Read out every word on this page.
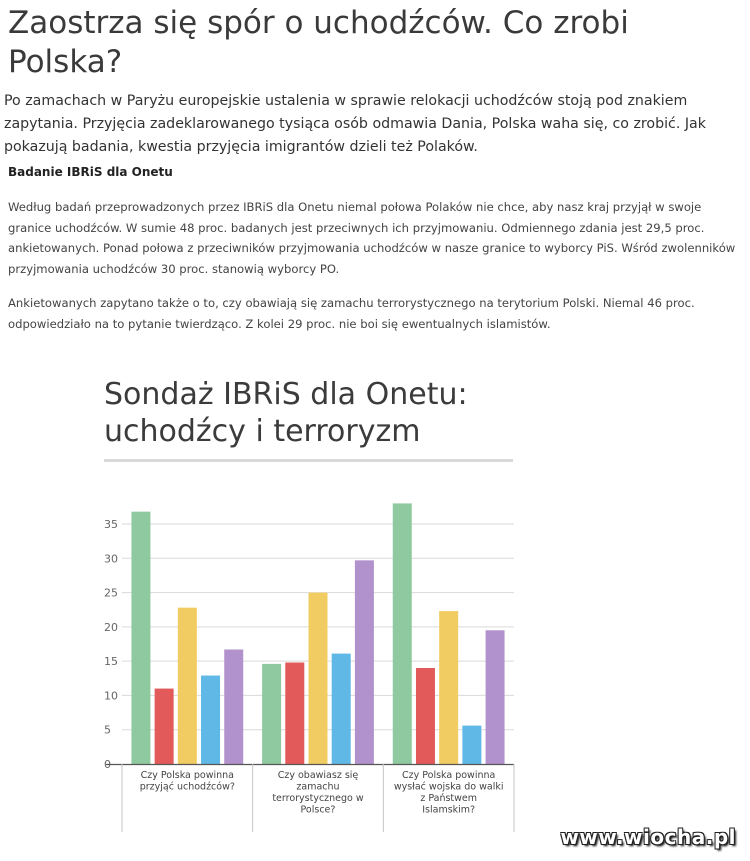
Zaostrza się spór o uchodźców. Co zrobi Polska?

Po zamachach w Paryżu europejskie ustalenia w sprawie relokacji uchodźców stoją pod znakiem zapytania. Przyjęcia zadeklarowanego tysiąca osób odmawia Dania, Polska waha się, co zrobić. Jak pokazują badania, kwestia przyjęcia imigrantów dzieli też Polaków.

Badanie IBRiS dla Onetu

Według badań przeprowadzonych przez IBRiS dla Onetu niemal połowa Polaków nie chce, aby nasz kraj przyjął w swoje granice uchodźców. W sumie 48 proc. badanych jest przeciwnych ich przyjmowaniu. Odmiennego zdania jest 29,5 proc. ankietowanych. Ponad połowa z przeciwników przyjmowania uchodźców w nasze granice to wyborcy PiS. Wśród zwolenników przyjmowania uchodźców 30 proc. stanowią wyborcy PO.

Ankietowanych zapytano także o to, czy obawiają się zamachu terrorystycznego na terytorium Polski. Niemal 46 proc. odpowiedziało na to pytanie twierdząco. Z kolei 29 proc. nie boi się ewentualnych islamistów.

Sondaż IBRiS dla Onetu:
uchodźcy i terroryzm
0
5
10
15
20
25
30
35
Czy Polska powinna przyjąć uchodźców?
Czy obawiasz się zamachu terrorystycznego w Polsce?
Czy Polska powinna wysłać wojska do walki z Państwem Islamskim?
www.wiocha.pl
